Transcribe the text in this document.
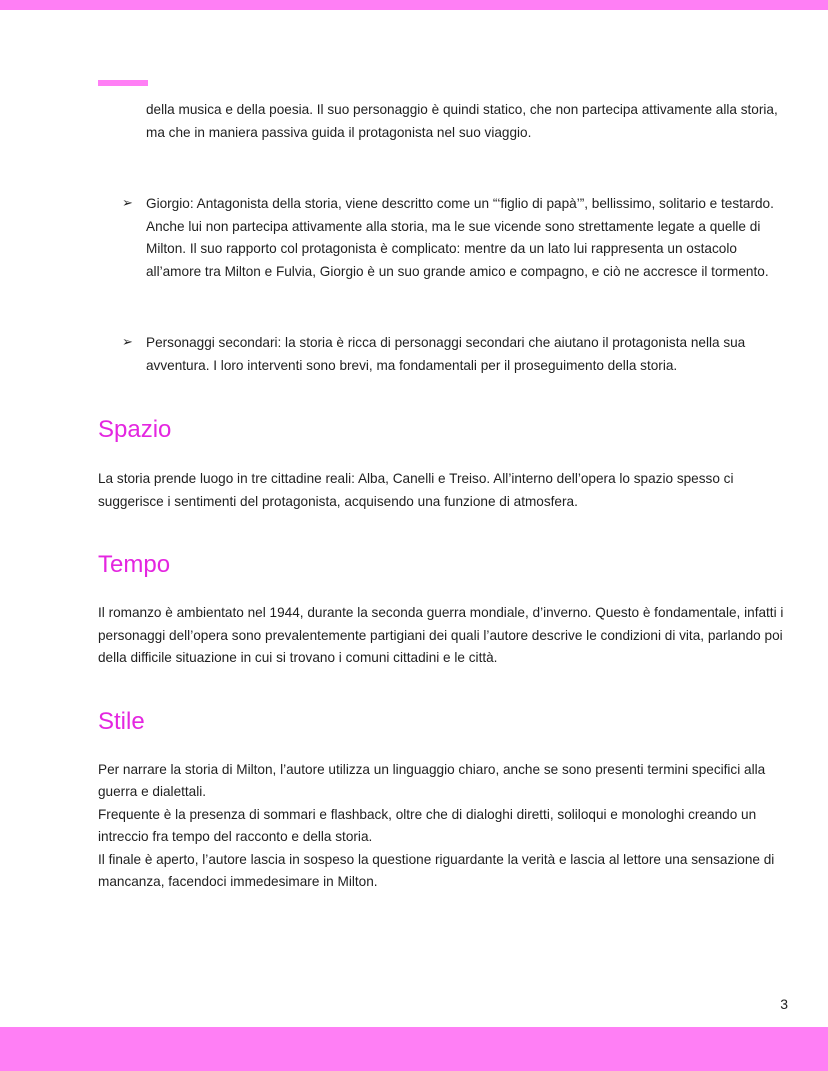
della musica e della poesia. Il suo personaggio è quindi statico, che non partecipa attivamente alla storia, ma che in maniera passiva guida il protagonista nel suo viaggio.

➢ Giorgio: Antagonista della storia, viene descritto come un “‘figlio di papà’”, bellissimo, solitario e testardo. Anche lui non partecipa attivamente alla storia, ma le sue vicende sono strettamente legate a quelle di Milton. Il suo rapporto col protagonista è complicato: mentre da un lato lui rappresenta un ostacolo all’amore tra Milton e Fulvia, Giorgio è un suo grande amico e compagno, e ciò ne accresce il tormento.

➢ Personaggi secondari: la storia è ricca di personaggi secondari che aiutano il protagonista nella sua avventura. I loro interventi sono brevi, ma fondamentali per il proseguimento della storia.

Spazio

La storia prende luogo in tre cittadine reali: Alba, Canelli e Treiso. All’interno dell’opera lo spazio spesso ci suggerisce i sentimenti del protagonista, acquisendo una funzione di atmosfera.

Tempo

Il romanzo è ambientato nel 1944, durante la seconda guerra mondiale, d’inverno. Questo è fondamentale, infatti i personaggi dell’opera sono prevalentemente partigiani dei quali l’autore descrive le condizioni di vita, parlando poi della difficile situazione in cui si trovano i comuni cittadini e le città.

Stile

Per narrare la storia di Milton, l’autore utilizza un linguaggio chiaro, anche se sono presenti termini specifici alla guerra e dialettali.

Frequente è la presenza di sommari e flashback, oltre che di dialoghi diretti, soliloqui e monologhi creando un intreccio fra tempo del racconto e della storia.

Il finale è aperto, l’autore lascia in sospeso la questione riguardante la verità e lascia al lettore una sensazione di mancanza, facendoci immedesimare in Milton.

3
